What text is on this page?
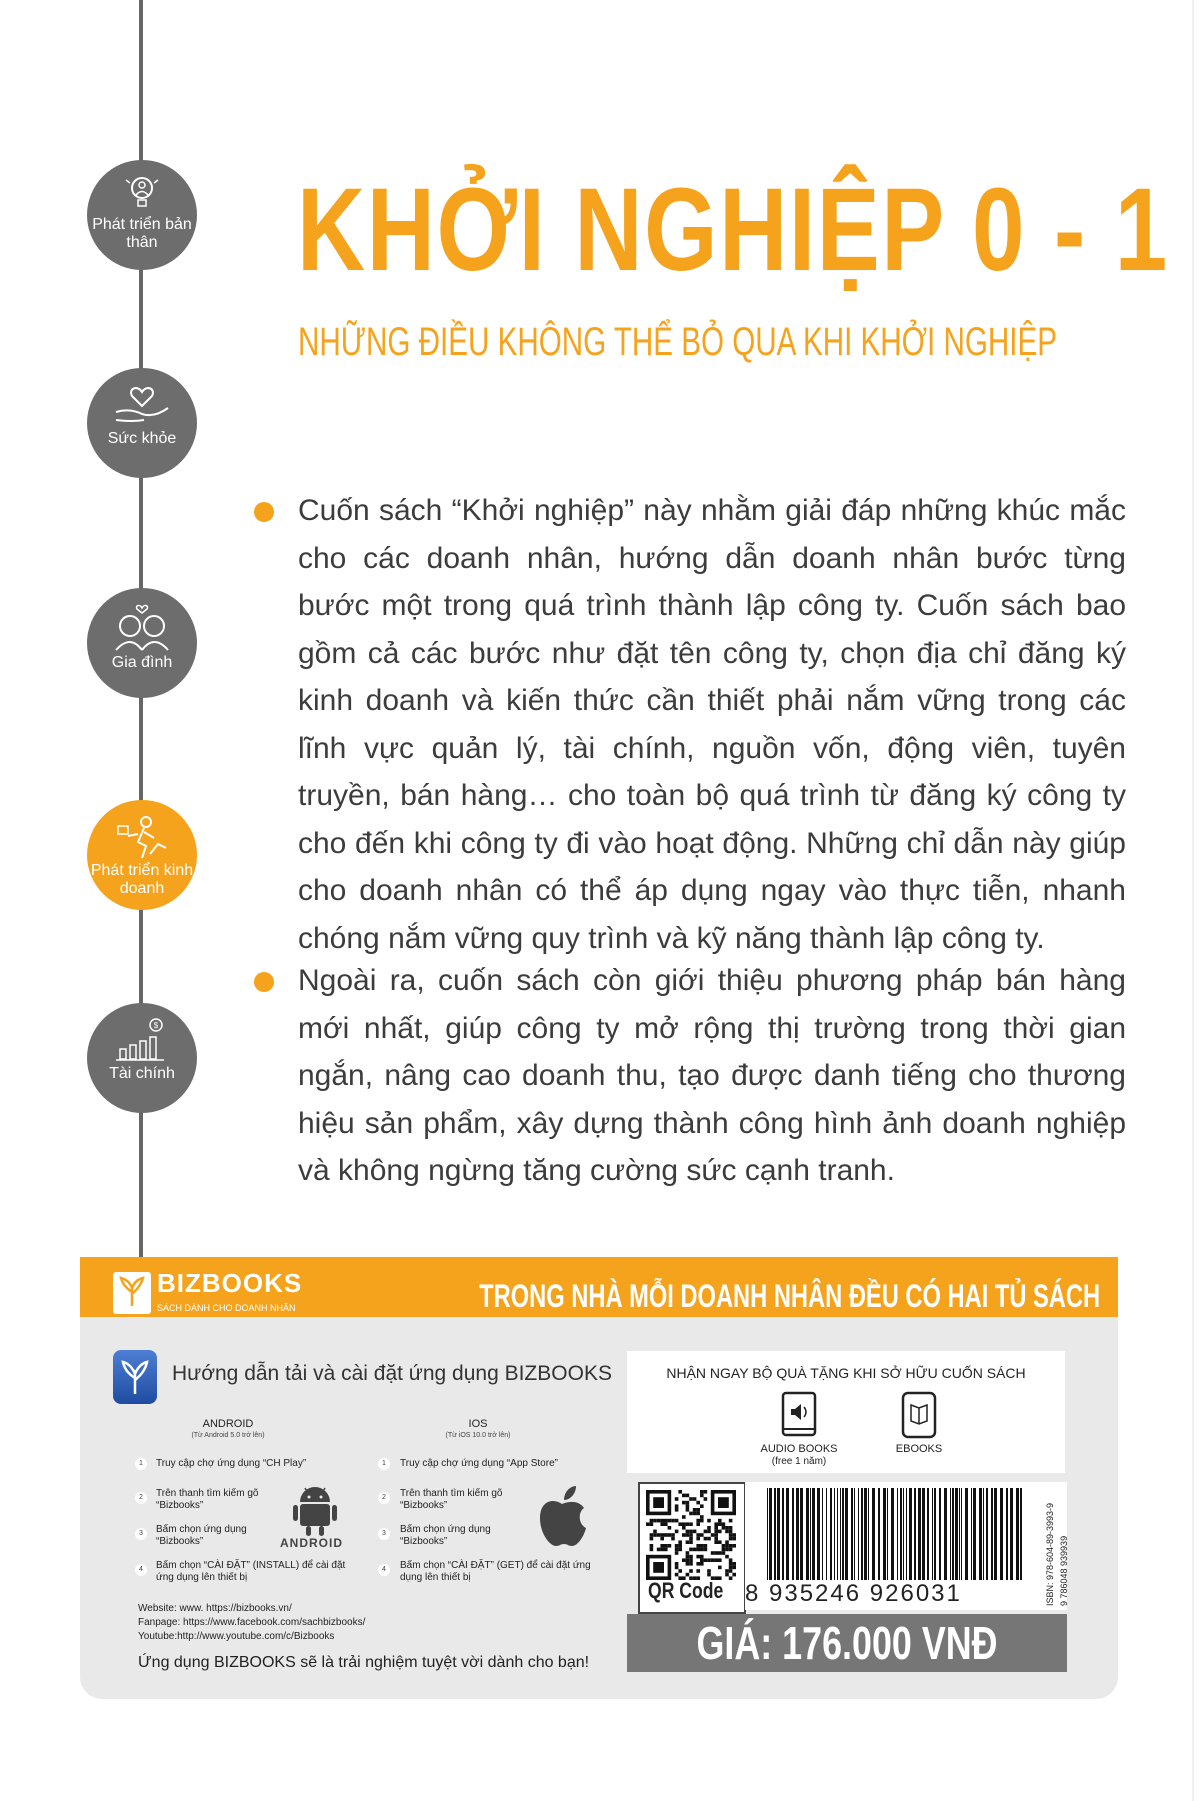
Phát triển bản thân
Sức khỏe
Gia đình
Phát triển kinh doanh
$
Tài chính
KHỞI NGHIỆP 0 - 1
NHỮNG ĐIỀU KHÔNG THỂ BỎ QUA KHI KHỞI NGHIỆP
Cuốn sách “Khởi nghiệp” này nhằm giải đáp những khúc mắc cho các doanh nhân, hướng dẫn doanh nhân bước từng bước một trong quá trình thành lập công ty. Cuốn sách bao gồm cả các bước như đặt tên công ty, chọn địa chỉ đăng ký kinh doanh và kiến thức cần thiết phải nắm vững trong các lĩnh vực quản lý, tài chính, nguồn vốn, động viên, tuyên truyền, bán hàng… cho toàn bộ quá trình từ đăng ký công ty cho đến khi công ty đi vào hoạt động. Những chỉ dẫn này giúp cho doanh nhân có thể áp dụng ngay vào thực tiễn, nhanh chóng nắm vững quy trình và kỹ năng thành lập công ty.
Ngoài ra, cuốn sách còn giới thiệu phương pháp bán hàng mới nhất, giúp công ty mở rộng thị trường trong thời gian ngắn, nâng cao doanh thu, tạo được danh tiếng cho thương hiệu sản phẩm, xây dựng thành công hình ảnh doanh nghiệp và không ngừng tăng cường sức cạnh tranh.
BIZBOOKS
SÁCH DÀNH CHO DOANH NHÂN	TRONG NHÀ MỖI DOANH NHÂN ĐỀU CÓ HAI TỦ SÁCH
Hướng dẫn tải và cài đặt ứng dụng BIZBOOKS
ANDROID
(Từ Android 5.0 trở lên)
1	Truy cập chợ ứng dụng “CH Play”
2	Trên thanh tìm kiếm gõ “Bizbooks”
3	Bấm chọn ứng dụng “Bizbooks”
4	Bấm chọn “CÀI ĐẶT” (INSTALL) để cài đặt ứng dụng lên thiết bị
ANDROID
IOS
(Từ iOS 10.0 trở lên)
1	Truy cập chợ ứng dụng “App Store”
2	Trên thanh tìm kiếm gõ “Bizbooks”
3	Bấm chọn ứng dụng “Bizbooks”
4	Bấm chọn “CÀI ĐẶT” (GET) để cài đặt ứng dụng lên thiết bị
Website: www. https://bizbooks.vn/
Fanpage: https://www.facebook.com/sachbizbooks/
Youtube:http://www.youtube.com/c/Bizbooks
Ứng dụng BIZBOOKS sẽ là trải nghiệm tuyệt vời dành cho bạn!
NHẬN NGAY BỘ QUÀ TẶNG KHI SỞ HỮU CUỐN SÁCH
AUDIO BOOKS
(free 1 năm)
EBOOKS
QR Code 8 935246 926031	ISBN: 978-604-89-3993-9 9 786048 939939
GIÁ: 176.000 VNĐ
